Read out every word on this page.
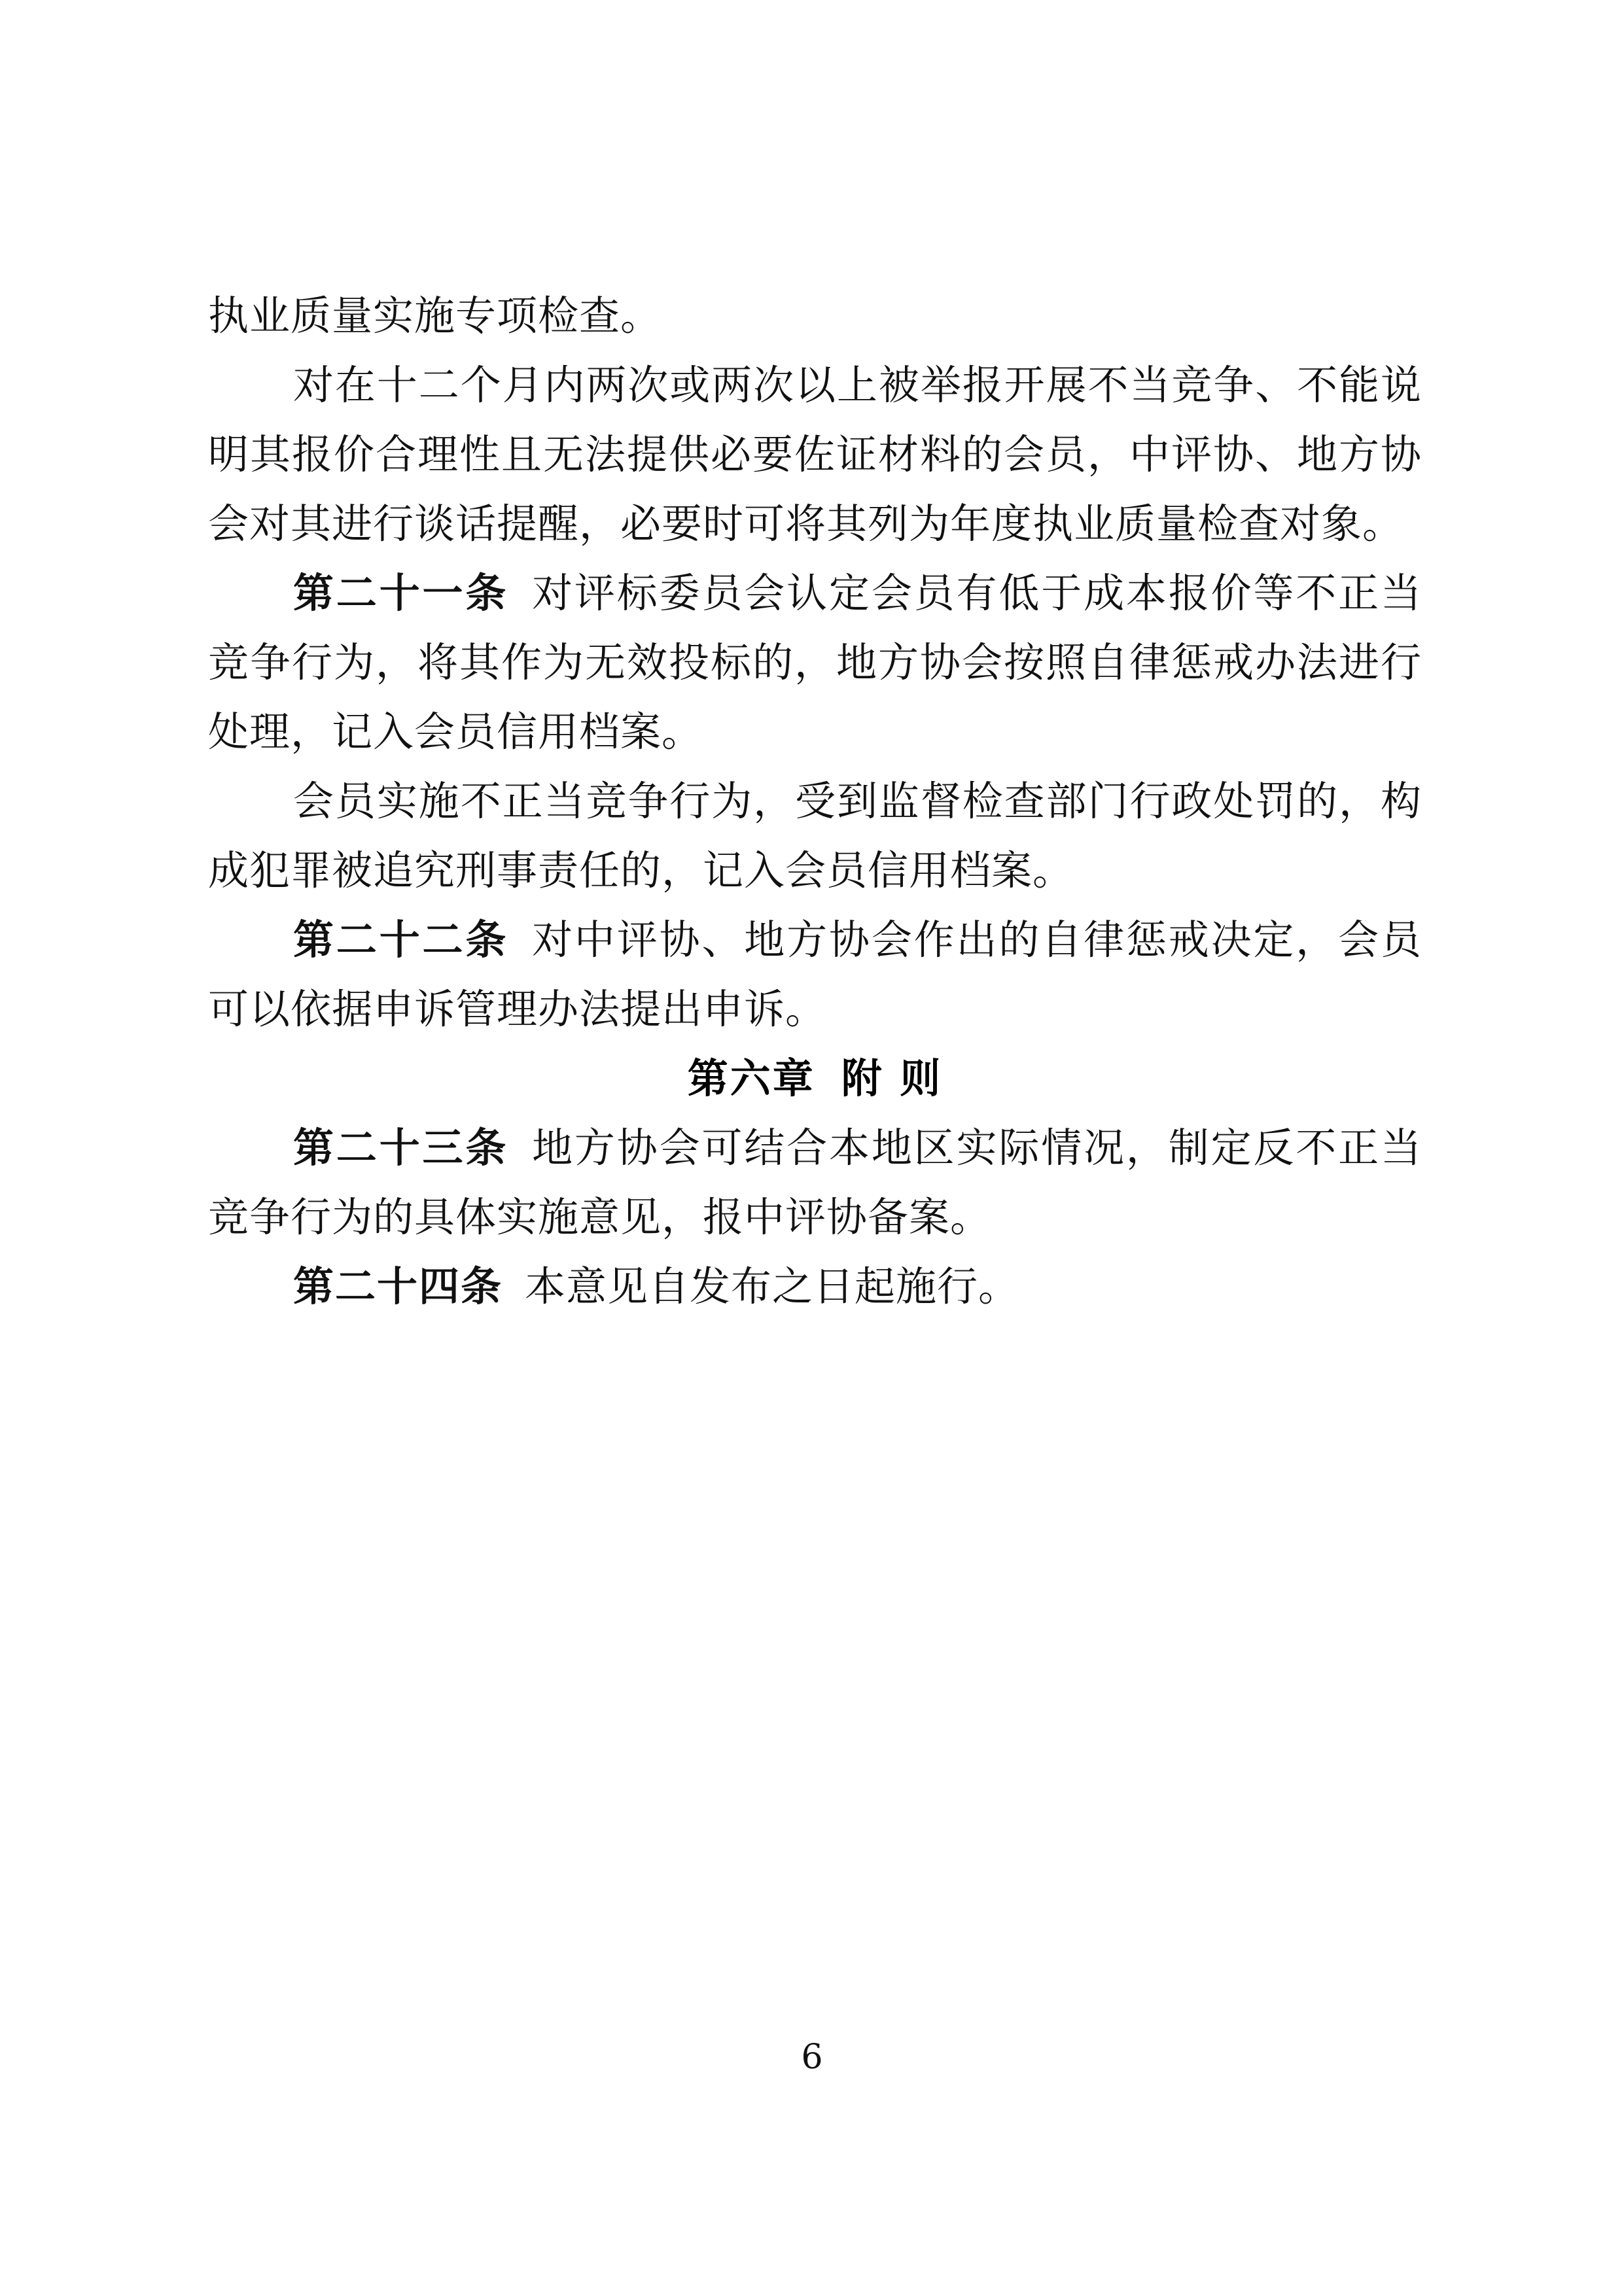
执业质量实施专项检查。

对在十二个月内两次或两次以上被举报开展不当竞争、不能说明其报价合理性且无法提供必要佐证材料的会员，中评协、地方协会对其进行谈话提醒，必要时可将其列为年度执业质量检查对象。

第二十一条 对评标委员会认定会员有低于成本报价等不正当竞争行为，将其作为无效投标的，地方协会按照自律惩戒办法进行处理，记入会员信用档案。

会员实施不正当竞争行为，受到监督检查部门行政处罚的，构成犯罪被追究刑事责任的，记入会员信用档案。

第二十二条 对中评协、地方协会作出的自律惩戒决定，会员可以依据申诉管理办法提出申诉。

第六章 附 则

第二十三条 地方协会可结合本地区实际情况，制定反不正当竞争行为的具体实施意见，报中评协备案。

第二十四条 本意见自发布之日起施行。

6
